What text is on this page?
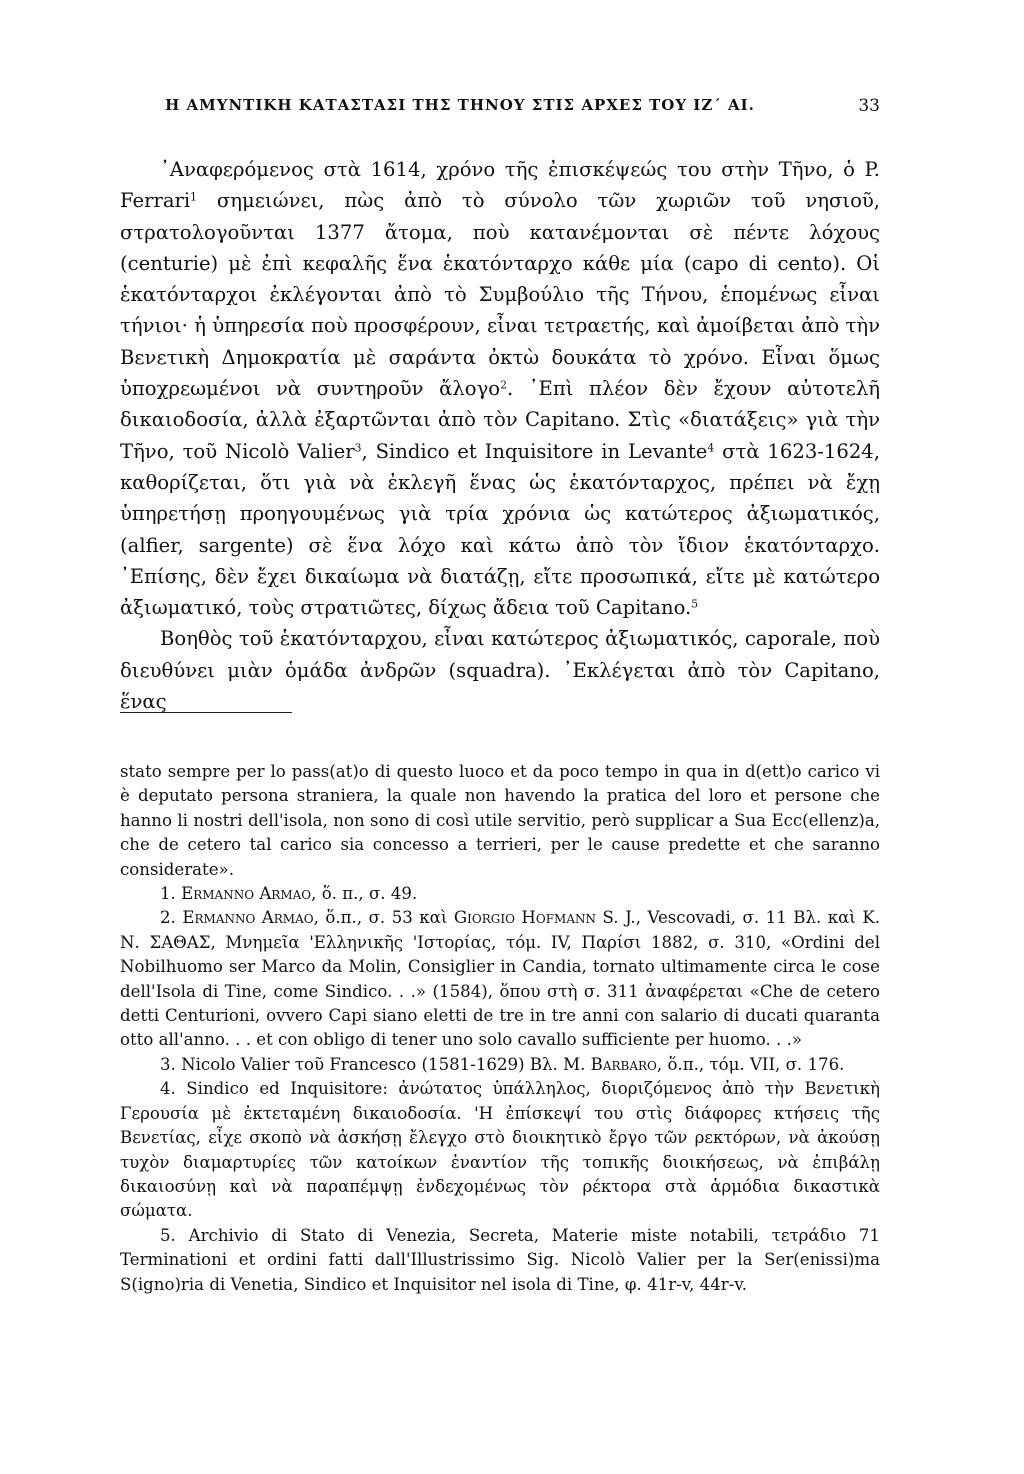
Η ΑΜΥΝΤΙΚΗ ΚΑΤΑΣΤΑΣΙ ΤΗΣ ΤΗΝΟΥ ΣΤΙΣ ΑΡΧΕΣ ΤΟΥ ΙΖ΄ ΑΙ.	33

᾿Αναφερόμενος στὰ 1614, χρόνο τῆς ἐπισκέψεώς του στὴν Τῆνο, ὁ P. Ferrari$^1$ σημειώνει, πὼς ἀπὸ τὸ σύνολο τῶν χωριῶν τοῦ νησιοῦ, στρατολογοῦνται 1377 ἄτομα, ποὺ κατανέμονται σὲ πέντε λόχους (centurie) μὲ ἐπὶ κεφαλῆς ἕνα ἑκατόνταρχο κάθε μία (capo di cento). Οἱ ἑκατόνταρχοι ἐκλέγονται ἀπὸ τὸ Συμβούλιο τῆς Τήνου, ἑπομένως εἶναι τήνιοι· ἡ ὑπηρεσία ποὺ προσφέρουν, εἶναι τετραετής, καὶ ἀμοίβεται ἀπὸ τὴν Βενετικὴ Δημοκρατία μὲ σαράντα ὀκτὼ δουκάτα τὸ χρόνο. Εἶναι ὅμως ὑποχρεωμένοι νὰ συντηροῦν ἄλογο$^2$. ᾿Επὶ πλέον δὲν ἔχουν αὐτοτελῆ δικαιοδοσία, ἀλλὰ ἐξαρτῶνται ἀπὸ τὸν Capitano. Στὶς «διατάξεις» γιὰ τὴν Τῆνο, τοῦ Nicolò Valier$^3$, Sindico et Inquisitore in Levante$^4$ στὰ 1623-1624, καθορίζεται, ὅτι γιὰ νὰ ἐκλεγῆ ἕνας ὡς ἑκατόνταρχος, πρέπει νὰ ἔχῃ ὑπηρετήσῃ προηγουμένως γιὰ τρία χρόνια ὡς κατώτερος ἀξιωματικός, (alfier, sargente) σὲ ἕνα λόχο καὶ κάτω ἀπὸ τὸν ἴδιον ἑκατόνταρχο. ᾿Επίσης, δὲν ἔχει δικαίωμα νὰ διατάζῃ, εἴτε προσωπικά, εἴτε μὲ κατώτερο ἀξιωματικό, τοὺς στρατιῶτες, δίχως ἄδεια τοῦ Capitano.$^5$

Βοηθὸς τοῦ ἑκατόνταρχου, εἶναι κατώτερος ἀξιωματικός, caporale, ποὺ διευθύνει μιὰν ὁμάδα ἀνδρῶν (squadra). ᾿Εκλέγεται ἀπὸ τὸν Capitano, ἕνας

stato sempre per lo pass(at)o di questo luoco et da poco tempo in qua in d(ett)o carico vi è deputato persona straniera, la quale non havendo la pratica del loro et persone che hanno li nostri dell'isola, non sono di così utile servitio, però supplicar a Sua Ecc(ellenz)a, che de cetero tal carico sia concesso a terrieri, per le cause predette et che saranno considerate».

1. Ermanno Armao, ὅ. π., σ. 49.

2. Ermanno Armao, ὅ.π., σ. 53 καὶ Giorgio Hofmann S. J., Vescovadi, σ. 11 Βλ. καὶ Κ. Ν. ΣΑΘΑΣ, Μνημεῖα 'Ελληνικῆς 'Ιστορίας, τόμ. IV, Παρίσι 1882, σ. 310, «Ordini del Nobilhuomo ser Marco da Molin, Consiglier in Candia, tornato ultimamente circa le cose dell'Isola di Tine, come Sindico. . .» (1584), ὅπου στὴ σ. 311 ἀναφέρεται «Che de cetero detti Centurioni, ovvero Capi siano eletti de tre in tre anni con salario di ducati quaranta otto all'anno. . . et con obligo di tener uno solo cavallo sufficiente per huomo. . .»

3. Nicolo Valier τοῦ Francesco (1581-1629) Βλ. Μ. Barbaro, ὅ.π., τόμ. VII, σ. 176.

4. Sindico ed Inquisitore: ἀνώτατος ὑπάλληλος, διοριζόμενος ἀπὸ τὴν Βενετικὴ Γερουσία μὲ ἐκτεταμένη δικαιοδοσία. 'Η ἐπίσκεψί του στὶς διάφορες κτήσεις τῆς Βενετίας, εἶχε σκοπὸ νὰ ἀσκήσῃ ἔλεγχο στὸ διοικητικὸ ἔργο τῶν ρεκτόρων, νὰ ἀκούσῃ τυχὸν διαμαρτυρίες τῶν κατοίκων ἐναντίον τῆς τοπικῆς διοικήσεως, νὰ ἐπιβάλῃ δικαιοσύνῃ καὶ νὰ παραπέμψῃ ἐνδεχομένως τὸν ρέκτορα στὰ ἁρμόδια δικαστικὰ σώματα.

5. Archivio di Stato di Venezia, Secreta, Materie miste notabili, τετράδιο 71 Terminationi et ordini fatti dall'Illustrissimo Sig. Nicolò Valier per la Ser(enissi)ma S(igno)ria di Venetia, Sindico et Inquisitor nel isola di Tine, φ. 41r-v, 44r-v.
